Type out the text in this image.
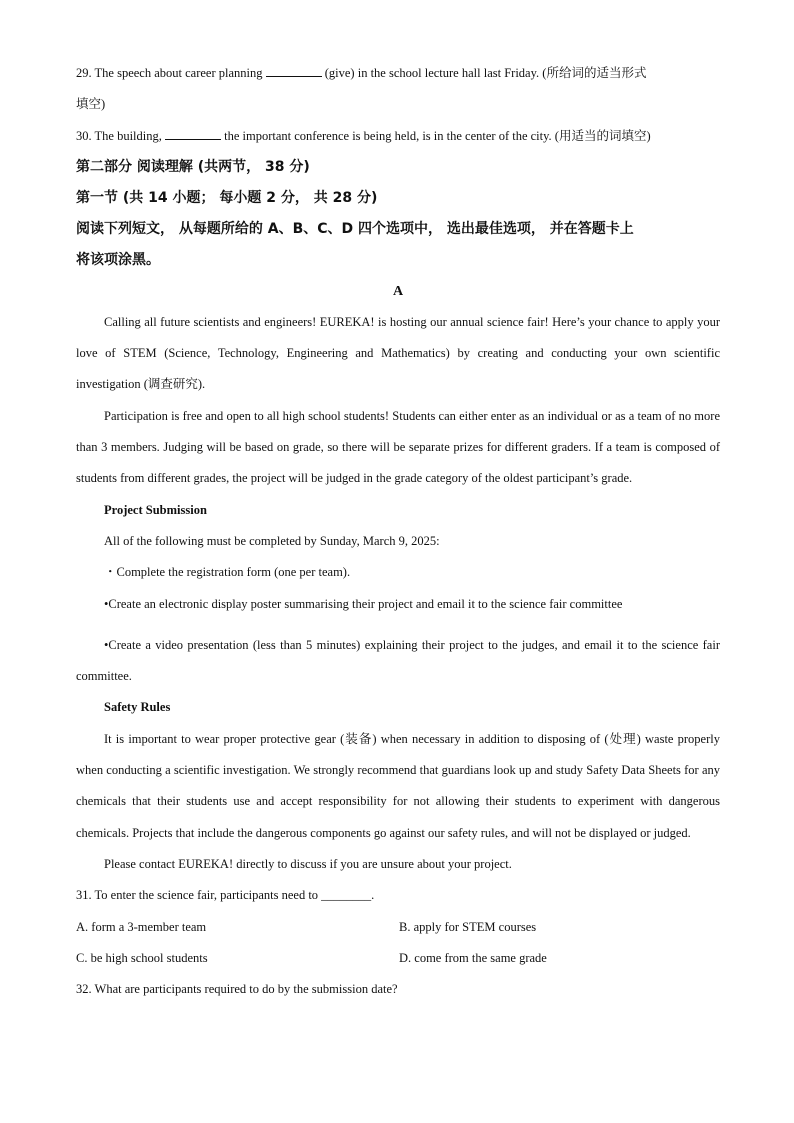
29. The speech about career planning	(give) in the school lecture hall last Friday. (所给词的适当形式
填空)
30. The building,	the important conference is being held, is in the center of the city. (用适当的词填空)
第二部分 阅读理解 (共两节， 38 分)
第一节 (共 14 小题； 每小题 2 分， 共 28 分)
阅读下列短文， 从每题所给的 A、B、C、D 四个选项中， 选出最佳选项， 并在答题卡上
将该项涂黑。
A
Calling all future scientists and engineers! EUREKA! is hosting our annual science fair! Here’s your chance to apply your love of STEM (Science, Technology, Engineering and Mathematics) by creating and conducting your own scientific investigation (调查研究).
Participation is free and open to all high school students! Students can either enter as an individual or as a team of no more than 3 members. Judging will be based on grade, so there will be separate prizes for different graders. If a team is composed of students from different grades, the project will be judged in the grade category of the oldest participant’s grade.
Project Submission
All of the following must be completed by Sunday, March 9, 2025:
・Complete the registration form (one per team).
•Create an electronic display poster summarising their project and email it to the science fair committee
•Create a video presentation (less than 5 minutes) explaining their project to the judges, and email it to the science fair committee.
Safety Rules
It is important to wear proper protective gear (装备) when necessary in addition to disposing of (处理) waste properly when conducting a scientific investigation. We strongly recommend that guardians look up and study Safety Data Sheets for any chemicals that their students use and accept responsibility for not allowing their students to experiment with dangerous chemicals. Projects that include the dangerous components go against our safety rules, and will not be displayed or judged.
Please contact EUREKA! directly to discuss if you are unsure about your project.
31. To enter the science fair, participants need to ________.
A. form a 3-member team	B. apply for STEM courses
C. be high school students	D. come from the same grade
32. What are participants required to do by the submission date?
